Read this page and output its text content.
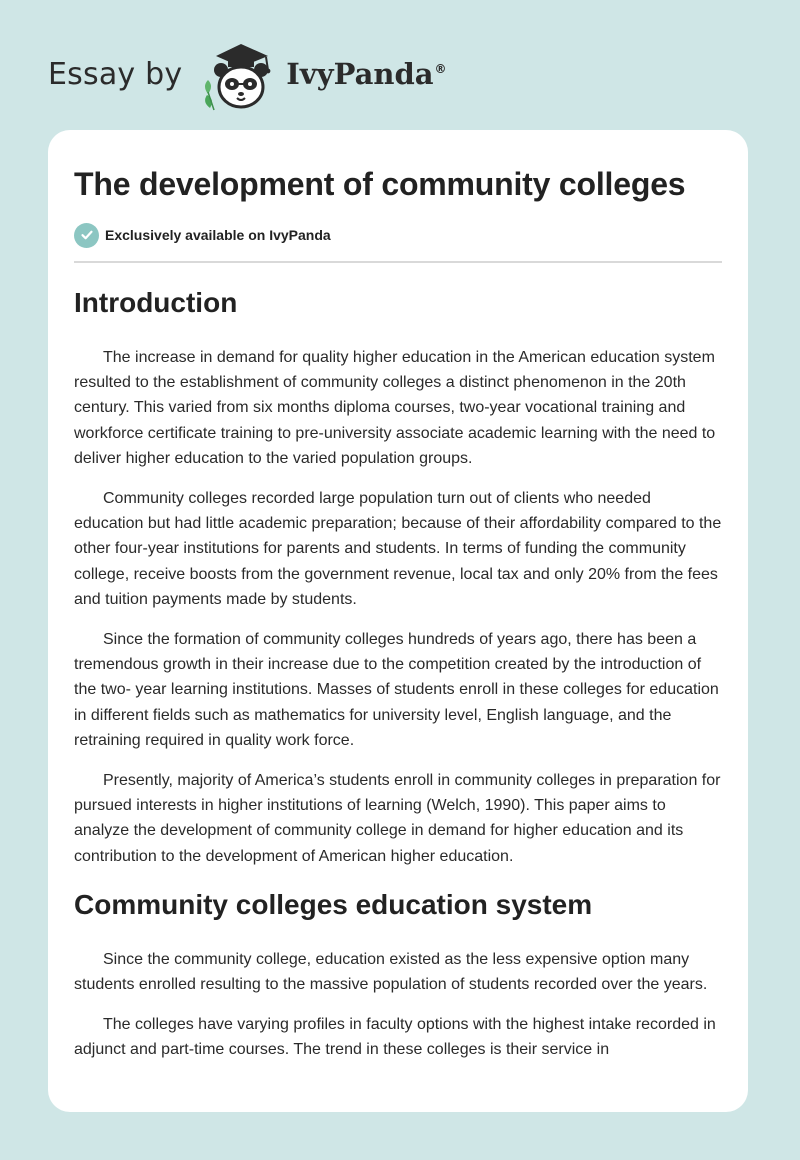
Essay by	IvyPanda®
The development of community colleges
Exclusively available on IvyPanda
Introduction

The increase in demand for quality higher education in the American education system resulted to the establishment of community colleges a distinct phenomenon in the 20th century. This varied from six months diploma courses, two-year vocational training and workforce certificate training to pre-university associate academic learning with the need to deliver higher education to the varied population groups.

Community colleges recorded large population turn out of clients who needed education but had little academic preparation; because of their affordability compared to the other four-year institutions for parents and students. In terms of funding the community college, receive boosts from the government revenue, local tax and only 20% from the fees and tuition payments made by students.

Since the formation of community colleges hundreds of years ago, there has been a tremendous growth in their increase due to the competition created by the introduction of the two- year learning institutions. Masses of students enroll in these colleges for education in different fields such as mathematics for university level, English language, and the retraining required in quality work force.

Presently, majority of America’s students enroll in community colleges in preparation for pursued interests in higher institutions of learning (Welch, 1990). This paper aims to analyze the development of community college in demand for higher education and its contribution to the development of American higher education.

Community colleges education system

Since the community college, education existed as the less expensive option many students enrolled resulting to the massive population of students recorded over the years.

The colleges have varying profiles in faculty options with the highest intake recorded in adjunct and part-time courses. The trend in these colleges is their service in
